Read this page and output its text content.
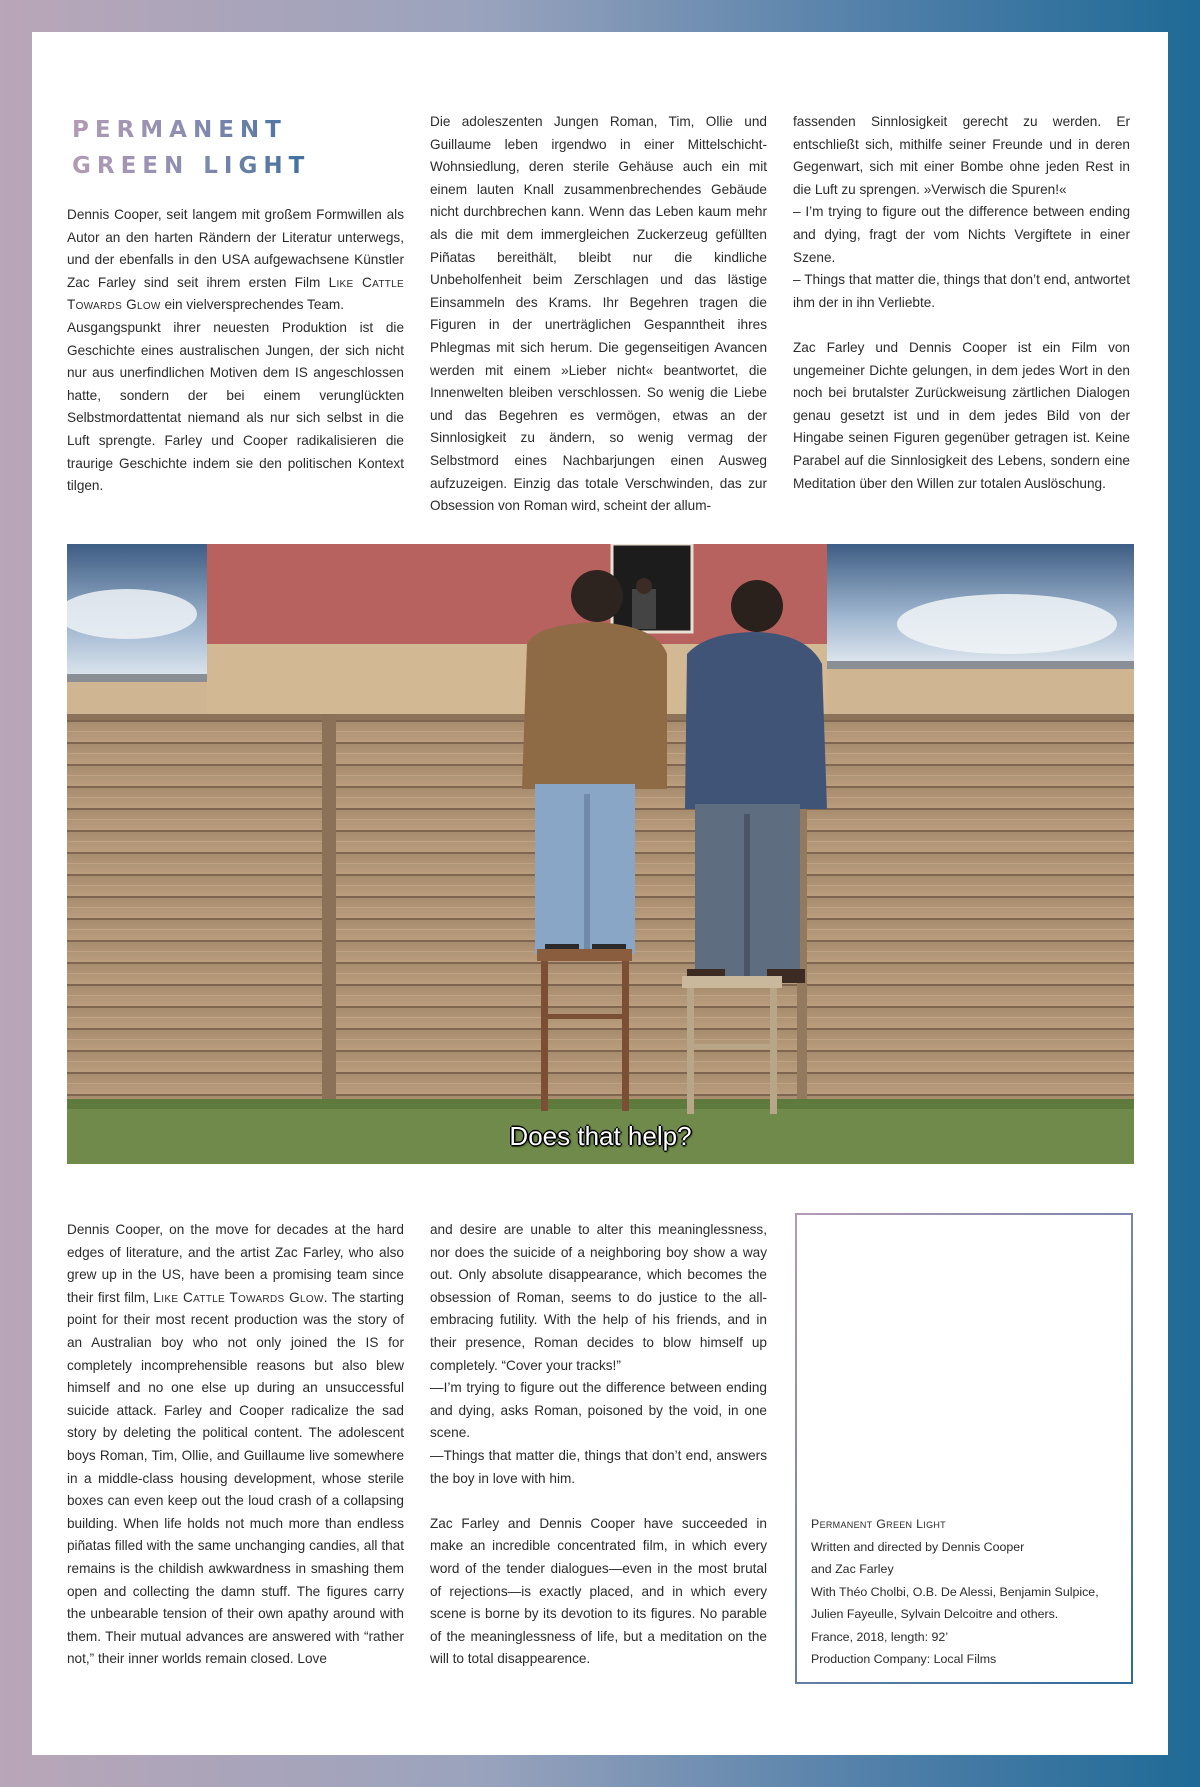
PERMANENT
GREEN LIGHT

Dennis Cooper, seit langem mit großem Formwillen als Autor an den harten Rändern der Literatur unterwegs, und der ebenfalls in den USA aufgewachsene Künstler Zac Farley sind seit ihrem ersten Film Like Cattle Towards Glow ein vielversprechendes Team.

Ausgangspunkt ihrer neuesten Produktion ist die Geschichte eines australischen Jungen, der sich nicht nur aus unerfindlichen Motiven dem IS angeschlossen hatte, sondern der bei einem verunglückten Selbstmordattentat niemand als nur sich selbst in die Luft sprengte. Farley und Cooper radikalisieren die traurige Geschichte indem sie den politischen Kontext tilgen.

Die adoleszenten Jungen Roman, Tim, Ollie und Guillaume leben irgendwo in einer Mittelschicht-Wohnsiedlung, deren sterile Gehäuse auch ein mit einem lauten Knall zusammenbrechendes Gebäude nicht durchbrechen kann. Wenn das Leben kaum mehr als die mit dem immergleichen Zuckerzeug gefüllten Piñatas bereithält, bleibt nur die kindliche Unbeholfenheit beim Zerschlagen und das lästige Einsammeln des Krams. Ihr Begehren tragen die Figuren in der unerträglichen Gespanntheit ihres Phlegmas mit sich herum. Die gegenseitigen Avancen werden mit einem »Lieber nicht« beantwortet, die Innenwelten bleiben verschlossen. So wenig die Liebe und das Begehren es vermögen, etwas an der Sinnlosigkeit zu ändern, so wenig vermag der Selbstmord eines Nachbarjungen einen Ausweg aufzuzeigen. Einzig das totale Verschwinden, das zur Obsession von Roman wird, scheint der allum-

fassenden Sinnlosigkeit gerecht zu werden. Er entschließt sich, mithilfe seiner Freunde und in deren Gegenwart, sich mit einer Bombe ohne jeden Rest in die Luft zu sprengen. »Verwisch die Spuren!«

– I’m trying to figure out the difference between ending and dying, fragt der vom Nichts Vergiftete in einer Szene.

– Things that matter die, things that don’t end, antwortet ihm der in ihn Verliebte.

Zac Farley und Dennis Cooper ist ein Film von ungemeiner Dichte gelungen, in dem jedes Wort in den noch bei brutalster Zurückweisung zärtlichen Dialogen genau gesetzt ist und in dem jedes Bild von der Hingabe seinen Figuren gegenüber getragen ist. Keine Parabel auf die Sinnlosigkeit des Lebens, sondern eine Meditation über den Willen zur totalen Auslöschung.

Does that help?

Dennis Cooper, on the move for decades at the hard edges of literature, and the artist Zac Farley, who also grew up in the US, have been a promising team since their first film, Like Cattle Towards Glow. The starting point for their most recent production was the story of an Australian boy who not only joined the IS for completely incomprehensible reasons but also blew himself and no one else up during an unsuccessful suicide attack. Farley and Cooper radicalize the sad story by deleting the political content. The adolescent boys Roman, Tim, Ollie, and Guillaume live somewhere in a middle-class housing development, whose sterile boxes can even keep out the loud crash of a collapsing building. When life holds not much more than endless piñatas filled with the same unchanging candies, all that remains is the childish awkwardness in smashing them open and collecting the damn stuff. The figures carry the unbearable tension of their own apathy around with them. Their mutual advances are answered with “rather not,” their inner worlds remain closed. Love

and desire are unable to alter this meaninglessness, nor does the suicide of a neighboring boy show a way out. Only absolute disappearance, which becomes the obsession of Roman, seems to do justice to the all-embracing futility. With the help of his friends, and in their presence, Roman decides to blow himself up completely. “Cover your tracks!”

—I’m trying to figure out the difference between ending and dying, asks Roman, poisoned by the void, in one scene.

—Things that matter die, things that don’t end, answers the boy in love with him.

Zac Farley and Dennis Cooper have succeeded in make an incredible concentrated film, in which every word of the tender dialogues—even in the most brutal of rejections—is exactly placed, and in which every scene is borne by its devotion to its figures. No parable of the meaninglessness of life, but a meditation on the will to total disappearence.

Permanent Green Light
Written and directed by Dennis Cooper
and Zac Farley
With Théo Cholbi, O.B. De Alessi, Benjamin Sulpice,
Julien Fayeulle, Sylvain Delcoitre and others.
France, 2018, length: 92’
Production Company: Local Films
